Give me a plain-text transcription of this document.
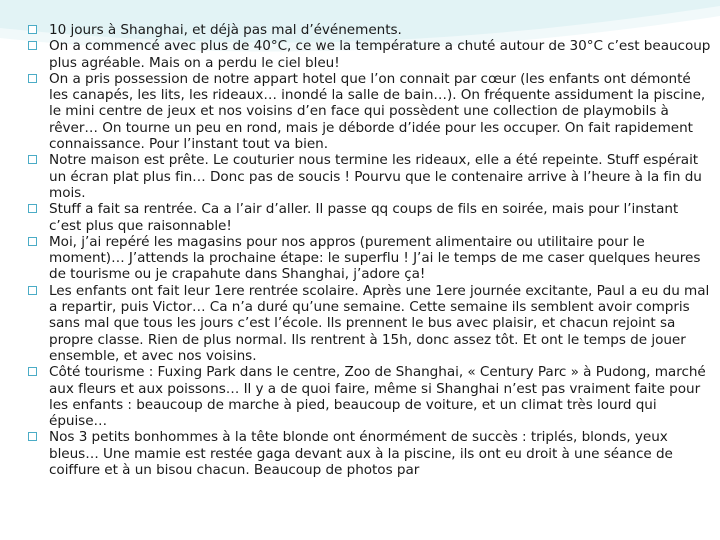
10 jours à Shanghai, et déjà pas mal d’événements.
On a commencé avec plus de 40°C, ce we la température a chuté autour de 30°C c’est beaucoup plus agréable. Mais on a perdu le ciel bleu!
On a pris possession de notre appart hotel que l’on connait par cœur (les enfants ont démonté les canapés, les lits, les rideaux… inondé la salle de bain…). On fréquente assidument la piscine, le mini centre de jeux et nos voisins d’en face qui possèdent une collection de playmobils à rêver… On tourne un peu en rond, mais je déborde d’idée pour les occuper. On fait rapidement connaissance. Pour l’instant tout va bien.
Notre maison est prête. Le couturier nous termine les rideaux, elle a été repeinte. Stuff espérait un écran plat plus fin… Donc pas de soucis ! Pourvu que le contenaire arrive à l’heure à la fin du mois.
Stuff a fait sa rentrée. Ca a l’air d’aller. Il passe qq coups de fils en soirée, mais pour l’instant c’est plus que raisonnable!
Moi, j’ai repéré les magasins pour nos appros (purement alimentaire ou utilitaire pour le moment)… J’attends la prochaine étape: le superflu ! J’ai le temps de me caser quelques heures de tourisme ou je crapahute dans Shanghai, j’adore ça!
Les enfants ont fait leur 1ere rentrée scolaire. Après une 1ere journée excitante, Paul a eu du mal a repartir, puis Victor… Ca n’a duré qu’une semaine. Cette semaine ils semblent avoir compris sans mal que tous les jours c’est l’école. Ils prennent le bus avec plaisir, et chacun rejoint sa propre classe. Rien de plus normal. Ils rentrent à 15h, donc assez tôt. Et ont le temps de jouer ensemble, et avec nos voisins.
Côté tourisme : Fuxing Park dans le centre, Zoo de Shanghai, « Century Parc » à Pudong, marché aux fleurs et aux poissons… Il y a de quoi faire, même si Shanghai n’est pas vraiment faite pour les enfants : beaucoup de marche à pied, beaucoup de voiture, et un climat très lourd qui épuise…
Nos 3 petits bonhommes à la tête blonde ont énormément de succès : triplés, blonds, yeux bleus… Une mamie est restée gaga devant aux à la piscine, ils ont eu droit à une séance de coiffure et à un bisou chacun. Beaucoup de photos par
